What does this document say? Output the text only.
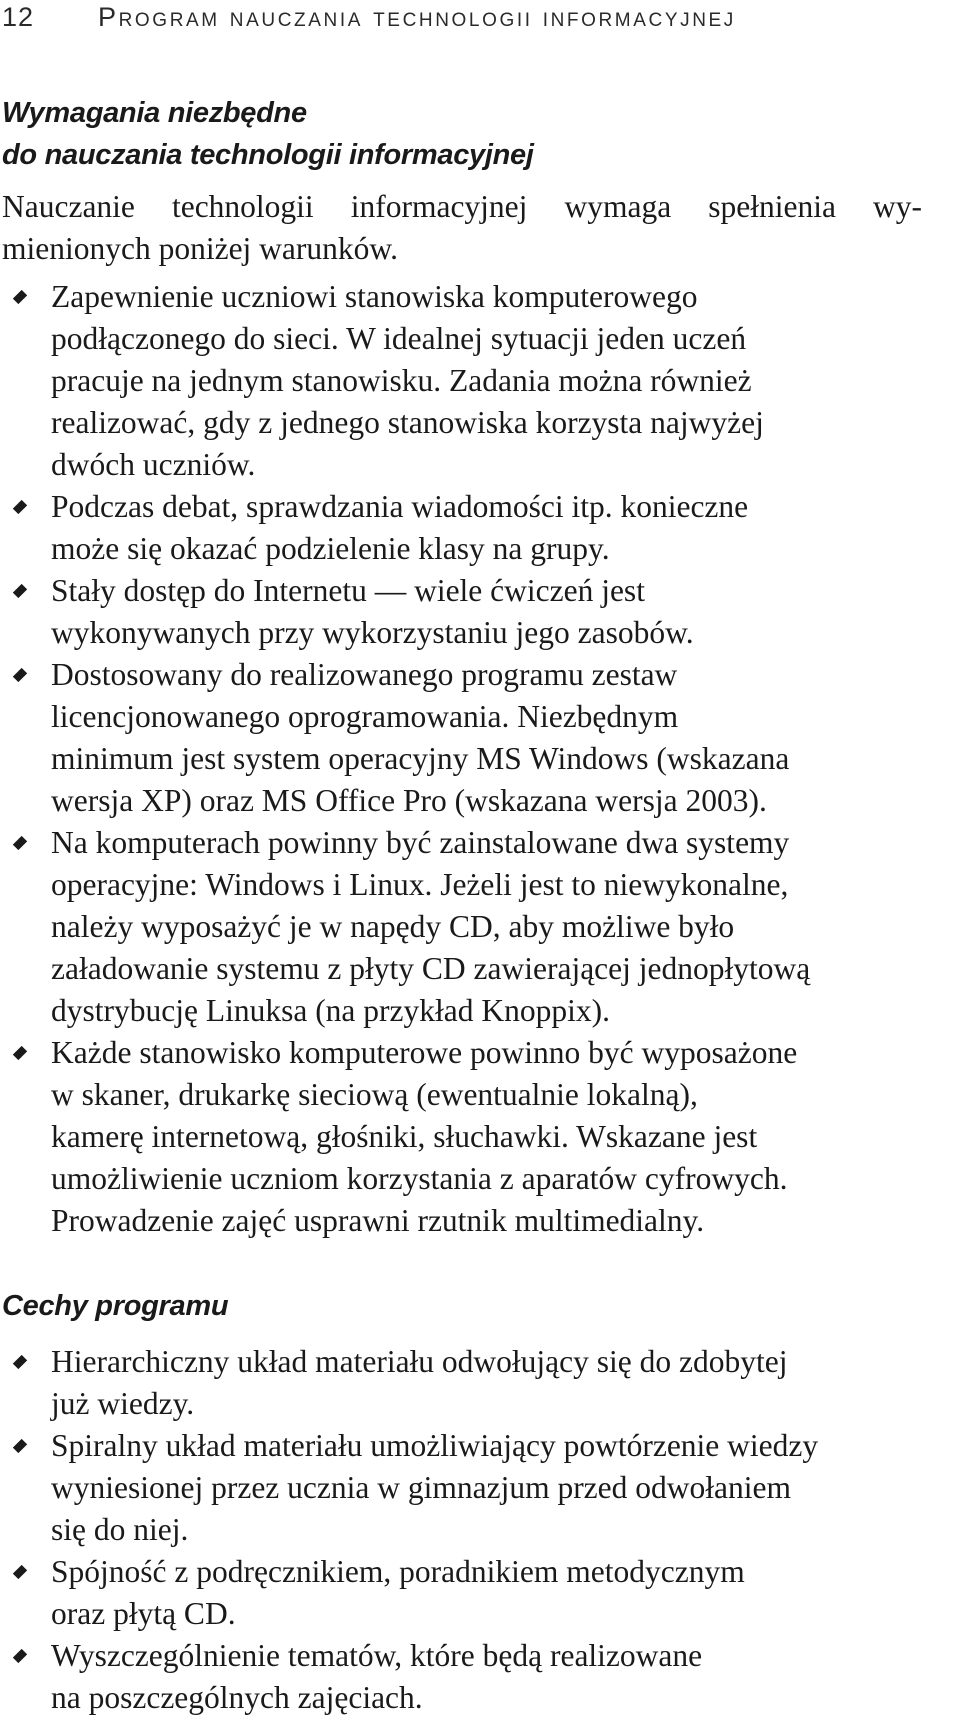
12	Program nauczania technologii informacyjnej
Wymagania niezbędne
do nauczania technologii informacyjnej

Nauczanie technologii informacyjnej wymaga spełnienia wy-
mienionych poniżej warunków.

Zapewnienie uczniowi stanowiska komputerowego
podłączonego do sieci. W idealnej sytuacji jeden uczeń
pracuje na jednym stanowisku. Zadania można również
realizować, gdy z jednego stanowiska korzysta najwyżej
dwóch uczniów.
Podczas debat, sprawdzania wiadomości itp. konieczne
może się okazać podzielenie klasy na grupy.
Stały dostęp do Internetu — wiele ćwiczeń jest
wykonywanych przy wykorzystaniu jego zasobów.
Dostosowany do realizowanego programu zestaw
licencjonowanego oprogramowania. Niezbędnym
minimum jest system operacyjny MS Windows (wskazana
wersja XP) oraz MS Office Pro (wskazana wersja 2003).
Na komputerach powinny być zainstalowane dwa systemy
operacyjne: Windows i Linux. Jeżeli jest to niewykonalne,
należy wyposażyć je w napędy CD, aby możliwe było
załadowanie systemu z płyty CD zawierającej jednopłytową
dystrybucję Linuksa (na przykład Knoppix).
Każde stanowisko komputerowe powinno być wyposażone
w skaner, drukarkę sieciową (ewentualnie lokalną),
kamerę internetową, głośniki, słuchawki. Wskazane jest
umożliwienie uczniom korzystania z aparatów cyfrowych.
Prowadzenie zajęć usprawni rzutnik multimedialny.
Cechy programu
Hierarchiczny układ materiału odwołujący się do zdobytej
już wiedzy.
Spiralny układ materiału umożliwiający powtórzenie wiedzy
wyniesionej przez ucznia w gimnazjum przed odwołaniem
się do niej.
Spójność z podręcznikiem, poradnikiem metodycznym
oraz płytą CD.
Wyszczególnienie tematów, które będą realizowane
na poszczególnych zajęciach.
